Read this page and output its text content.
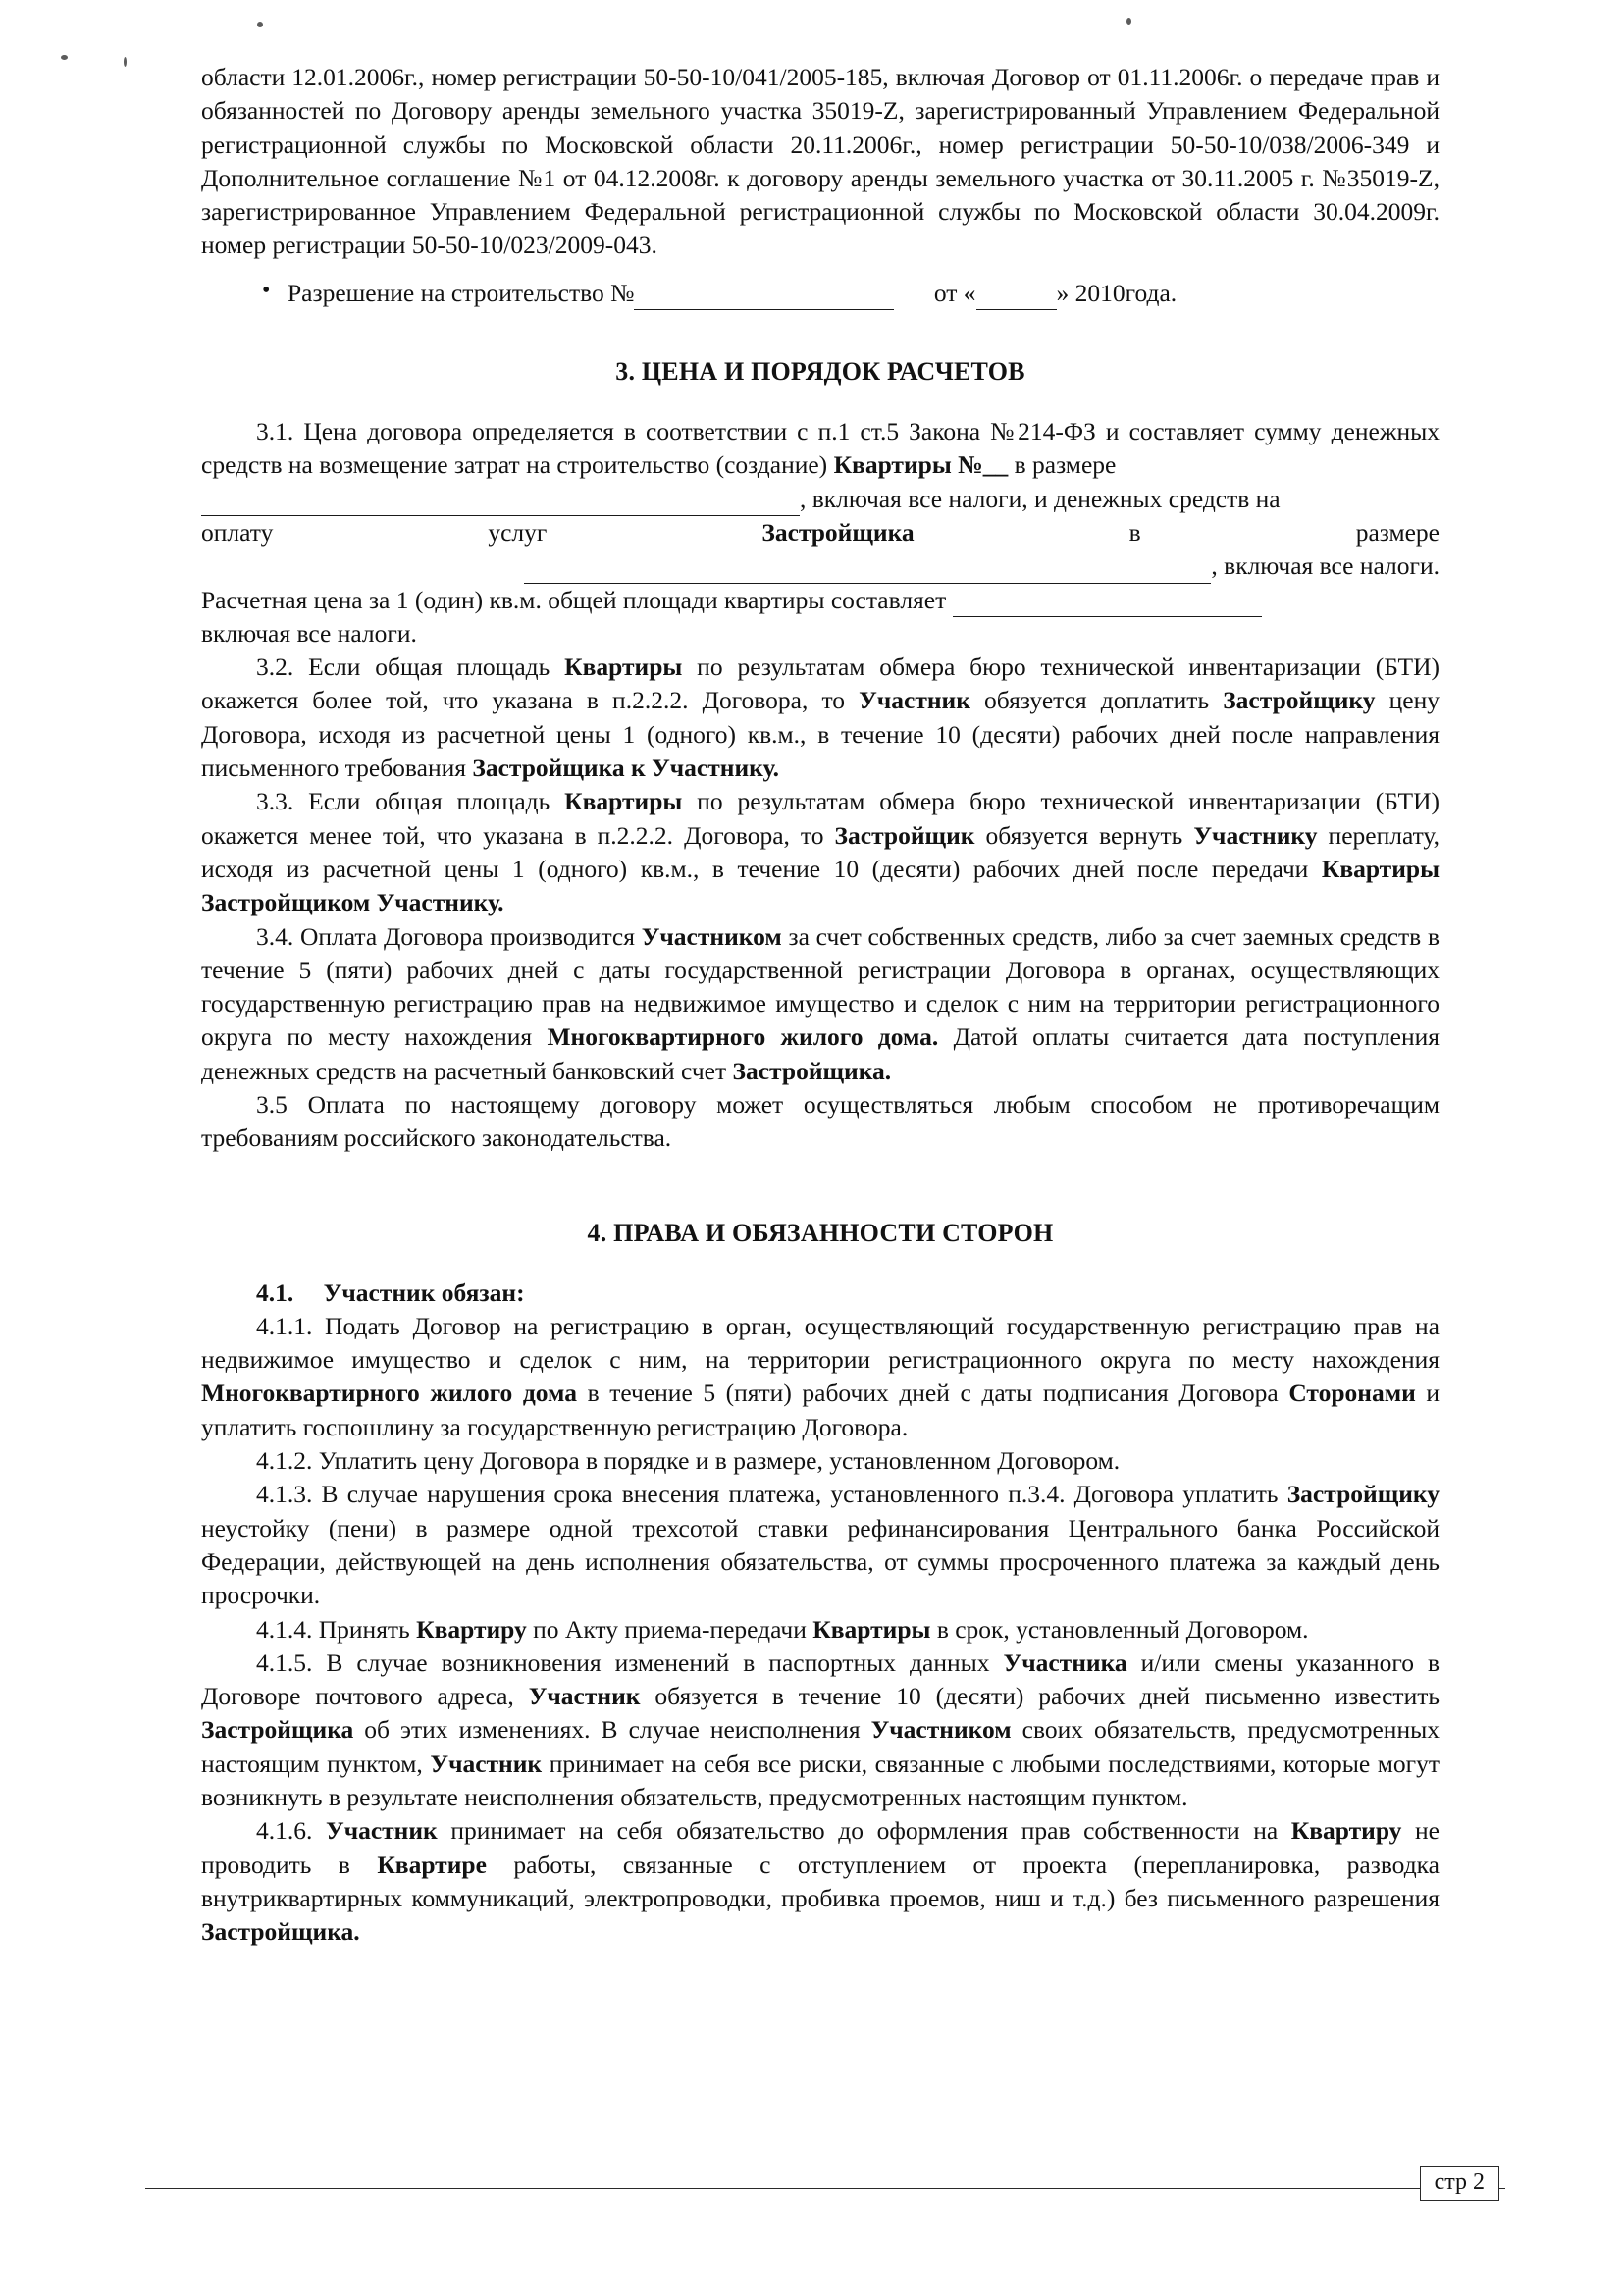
области 12.01.2006г., номер регистрации 50-50-10/041/2005-185, включая Договор от 01.11.2006г. о передаче прав и обязанностей по Договору аренды земельного участка 35019-Z, зарегистрированный Управлением Федеральной регистрационной службы по Московской области 20.11.2006г., номер регистрации 50-50-10/038/2006-349 и Дополнительное соглашение №1 от 04.12.2008г. к договору аренды земельного участка от 30.11.2005 г. №35019-Z, зарегистрированное Управлением Федеральной регистрационной службы по Московской области 30.04.2009г. номер регистрации 50-50-10/023/2009-043.

• Разрешение на строительство №	от «	» 2010года.

3. ЦЕНА И ПОРЯДОК РАСЧЕТОВ

3.1. Цена договора определяется в соответствии с п.1 ст.5 Закона №214-ФЗ и составляет сумму денежных средств на возмещение затрат на строительство (создание) Квартиры №__ в размере

, включая все налоги, и денежных средств на

оплату	услуг	Застройщика	в	размере

, включая все налоги.

Расчетная цена за 1 (один) кв.м. общей площади квартиры составляет

включая все налоги.

3.2. Если общая площадь Квартиры по результатам обмера бюро технической инвентаризации (БТИ) окажется более той, что указана в п.2.2.2. Договора, то Участник обязуется доплатить Застройщику цену Договора, исходя из расчетной цены 1 (одного) кв.м., в течение 10 (десяти) рабочих дней после направления письменного требования Застройщика к Участнику.

3.3. Если общая площадь Квартиры по результатам обмера бюро технической инвентаризации (БТИ) окажется менее той, что указана в п.2.2.2. Договора, то Застройщик обязуется вернуть Участнику переплату, исходя из расчетной цены 1 (одного) кв.м., в течение 10 (десяти) рабочих дней после передачи Квартиры Застройщиком Участнику.

3.4. Оплата Договора производится Участником за счет собственных средств, либо за счет заемных средств в течение 5 (пяти) рабочих дней с даты государственной регистрации Договора в органах, осуществляющих государственную регистрацию прав на недвижимое имущество и сделок с ним на территории регистрационного округа по месту нахождения Многоквартирного жилого дома. Датой оплаты считается дата поступления денежных средств на расчетный банковский счет Застройщика.

3.5 Оплата по настоящему договору может осуществляться любым способом не противоречащим требованиям российского законодательства.

4. ПРАВА И ОБЯЗАННОСТИ СТОРОН

4.1. Участник обязан:

4.1.1. Подать Договор на регистрацию в орган, осуществляющий государственную регистрацию прав на недвижимое имущество и сделок с ним, на территории регистрационного округа по месту нахождения Многоквартирного жилого дома в течение 5 (пяти) рабочих дней с даты подписания Договора Сторонами и уплатить госпошлину за государственную регистрацию Договора.

4.1.2. Уплатить цену Договора в порядке и в размере, установленном Договором.

4.1.3. В случае нарушения срока внесения платежа, установленного п.3.4. Договора уплатить Застройщику неустойку (пени) в размере одной трехсотой ставки рефинансирования Центрального банка Российской Федерации, действующей на день исполнения обязательства, от суммы просроченного платежа за каждый день просрочки.

4.1.4. Принять Квартиру по Акту приема-передачи Квартиры в срок, установленный Договором.

4.1.5. В случае возникновения изменений в паспортных данных Участника и/или смены указанного в Договоре почтового адреса, Участник обязуется в течение 10 (десяти) рабочих дней письменно известить Застройщика об этих изменениях. В случае неисполнения Участником своих обязательств, предусмотренных настоящим пунктом, Участник принимает на себя все риски, связанные с любыми последствиями, которые могут возникнуть в результате неисполнения обязательств, предусмотренных настоящим пунктом.

4.1.6. Участник принимает на себя обязательство до оформления прав собственности на Квартиру не проводить в Квартире работы, связанные с отступлением от проекта (перепланировка, разводка внутриквартирных коммуникаций, электропроводки, пробивка проемов, ниш и т.д.) без письменного разрешения Застройщика.

стр 2
